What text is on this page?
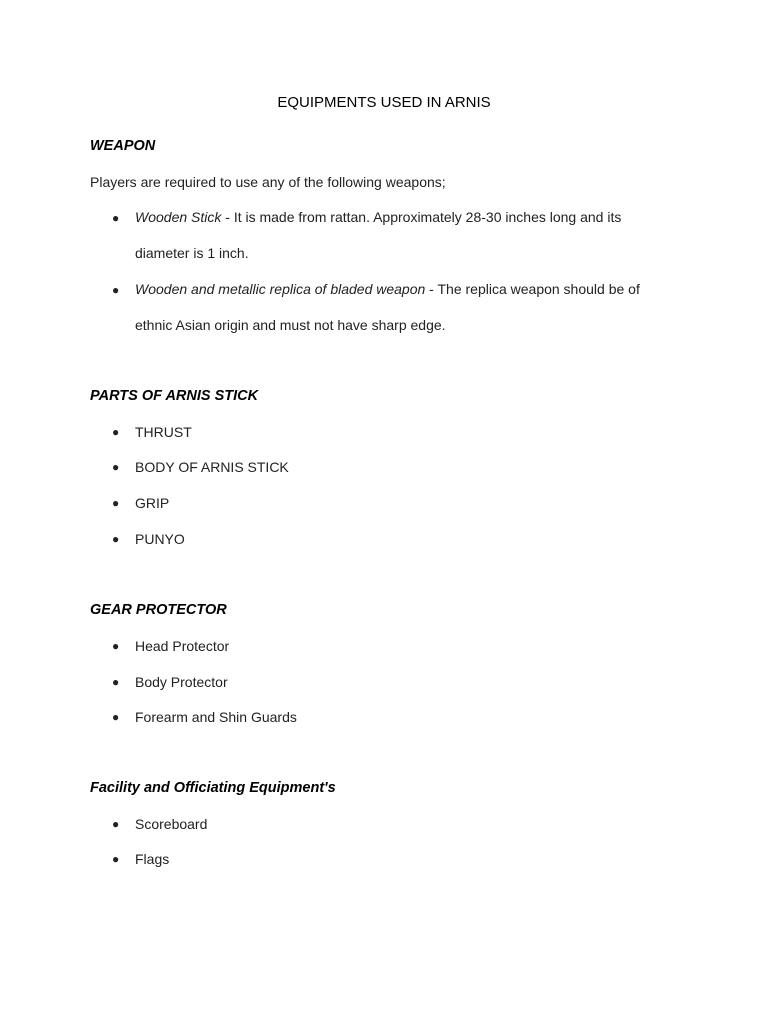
EQUIPMENTS USED IN ARNIS
WEAPON
Players are required to use any of the following weapons;
● Wooden Stick - It is made from rattan. Approximately 28-30 inches long and its diameter is 1 inch.
● Wooden and metallic replica of bladed weapon - The replica weapon should be of ethnic Asian origin and must not have sharp edge.
PARTS OF ARNIS STICK
● THRUST
● BODY OF ARNIS STICK
● GRIP
● PUNYO
GEAR PROTECTOR
● Head Protector
● Body Protector
● Forearm and Shin Guards
Facility and Officiating Equipment's
● Scoreboard
● Flags
